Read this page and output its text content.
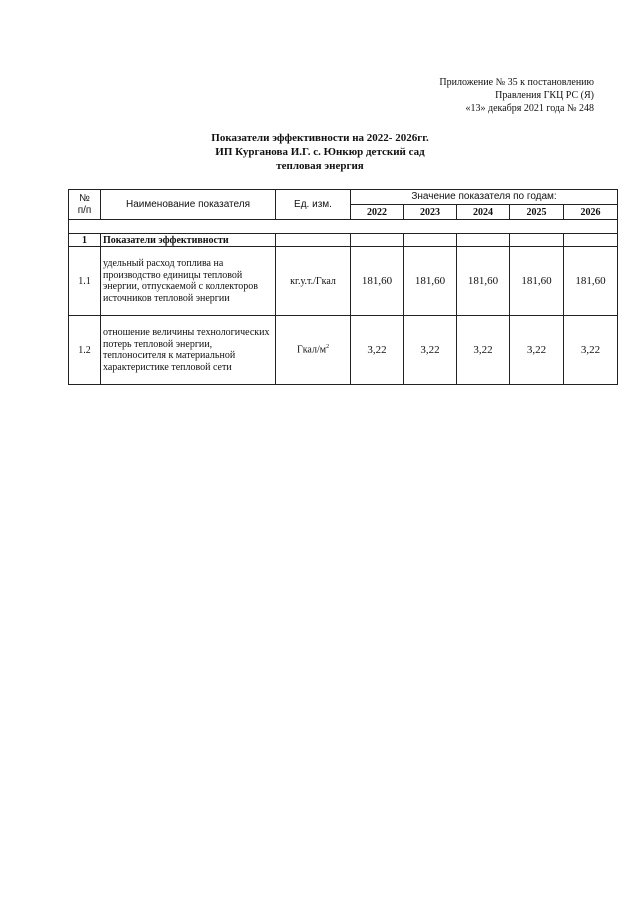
Приложение № 35 к постановлению
Правления ГКЦ РС (Я)
«13» декабря 2021 года № 248
Показатели эффективности на 2022- 2026гг.
ИП Курганова И.Г. с. Юнкюр детский сад
тепловая энергия
№
п/п	Наименование показателя	Ед. изм.	Значение показателя по годам:				
			2022	2023	2024	2025	2026

1	Показатели эффективности						
1.1	удельный расход топлива на производство единицы тепловой энергии, отпускаемой с коллекторов источников тепловой энергии	кг.у.т./Гкал	181,60	181,60	181,60	181,60	181,60
1.2	отношение величины технологических потерь тепловой энергии, теплоносителя к материальной характеристике тепловой сети	Гкал/$м^2$	3,22	3,22	3,22	3,22	3,22
